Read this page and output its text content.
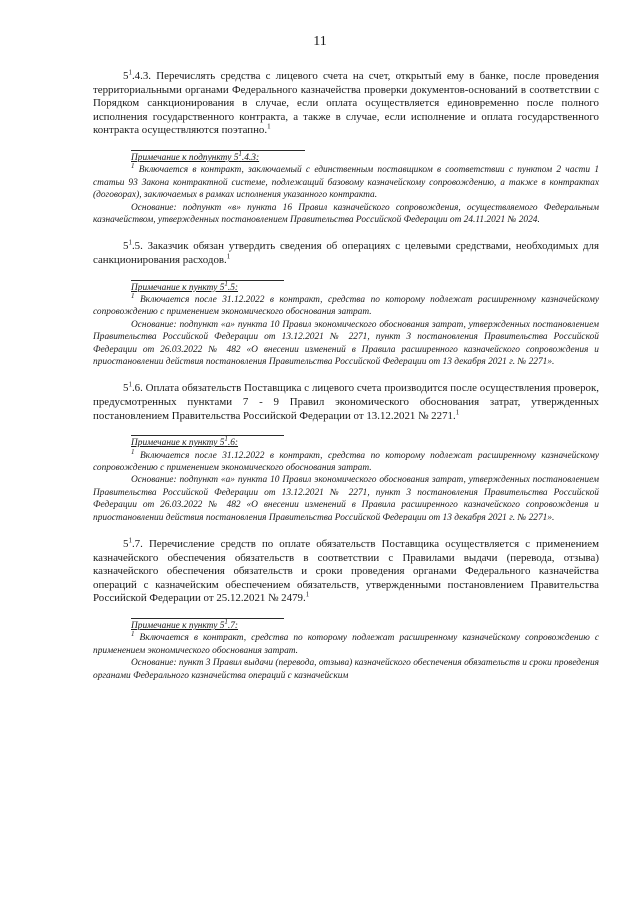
11

$5^1.4.3$. Перечислять средства с лицевого счета на счет, открытый ему в банке, после проведения территориальными органами Федерального казначейства проверки документов-оснований в соответствии с Порядком санкционирования в случае, если оплата осуществляется единовременно после полного исполнения государственного контракта, а также в случае, если исполнение и оплата государственного контракта осуществляются поэтапно.$^1$

Примечание к подпункту $5^1.4.3$:

$^1$ Включается в контракт, заключаемый с единственным поставщиком в соответствии с пунктом 2 части 1 статьи 93 Закона контрактной системе, подлежащий базовому казначейскому сопровождению, а также в контрактах (договорах), заключаемых в рамках исполнения указанного контракта.

Основание: подпункт «в» пункта 16 Правил казначейского сопровождения, осуществляемого Федеральным казначейством, утвержденных постановлением Правительства Российской Федерации от 24.11.2021 № 2024.

$5^1.5$. Заказчик обязан утвердить сведения об операциях с целевыми средствами, необходимых для санкционирования расходов.$^1$

Примечание к пункту $5^1.5$:

$^1$ Включается после 31.12.2022 в контракт, средства по которому подлежат расширенному казначейскому сопровождению с применением экономического обоснования затрат.

Основание: подпункт «а» пункта 10 Правил экономического обоснования затрат, утвержденных постановлением Правительства Российской Федерации от 13.12.2021 № 2271, пункт 3 постановления Правительства Российской Федерации от 26.03.2022 № 482 «О внесении изменений в Правила расширенного казначейского сопровождения и приостановлении действия постановления Правительства Российской Федерации от 13 декабря 2021 г. № 2271».

$5^1.6$. Оплата обязательств Поставщика с лицевого счета производится после осуществления проверок, предусмотренных пунктами 7 - 9 Правил экономического обоснования затрат, утвержденных постановлением Правительства Российской Федерации от 13.12.2021 № 2271.$^1$

Примечание к пункту $5^1.6$:

$^1$ Включается после 31.12.2022 в контракт, средства по которому подлежат расширенному казначейскому сопровождению с применением экономического обоснования затрат.

Основание: подпункт «а» пункта 10 Правил экономического обоснования затрат, утвержденных постановлением Правительства Российской Федерации от 13.12.2021 № 2271, пункт 3 постановления Правительства Российской Федерации от 26.03.2022 № 482 «О внесении изменений в Правила расширенного казначейского сопровождения и приостановлении действия постановления Правительства Российской Федерации от 13 декабря 2021 г. № 2271».

$5^1.7$. Перечисление средств по оплате обязательств Поставщика осуществляется с применением казначейского обеспечения обязательств в соответствии с Правилами выдачи (перевода, отзыва) казначейского обеспечения обязательств и сроки проведения органами Федерального казначейства операций с казначейским обеспечением обязательств, утвержденными постановлением Правительства Российской Федерации от 25.12.2021 № 2479.$^1$

Примечание к пункту $5^1.7$:

$^1$ Включается в контракт, средства по которому подлежат расширенному казначейскому сопровождению с применением экономического обоснования затрат.

Основание: пункт 3 Правил выдачи (перевода, отзыва) казначейского обеспечения обязательств и сроки проведения органами Федерального казначейства операций с казначейским
